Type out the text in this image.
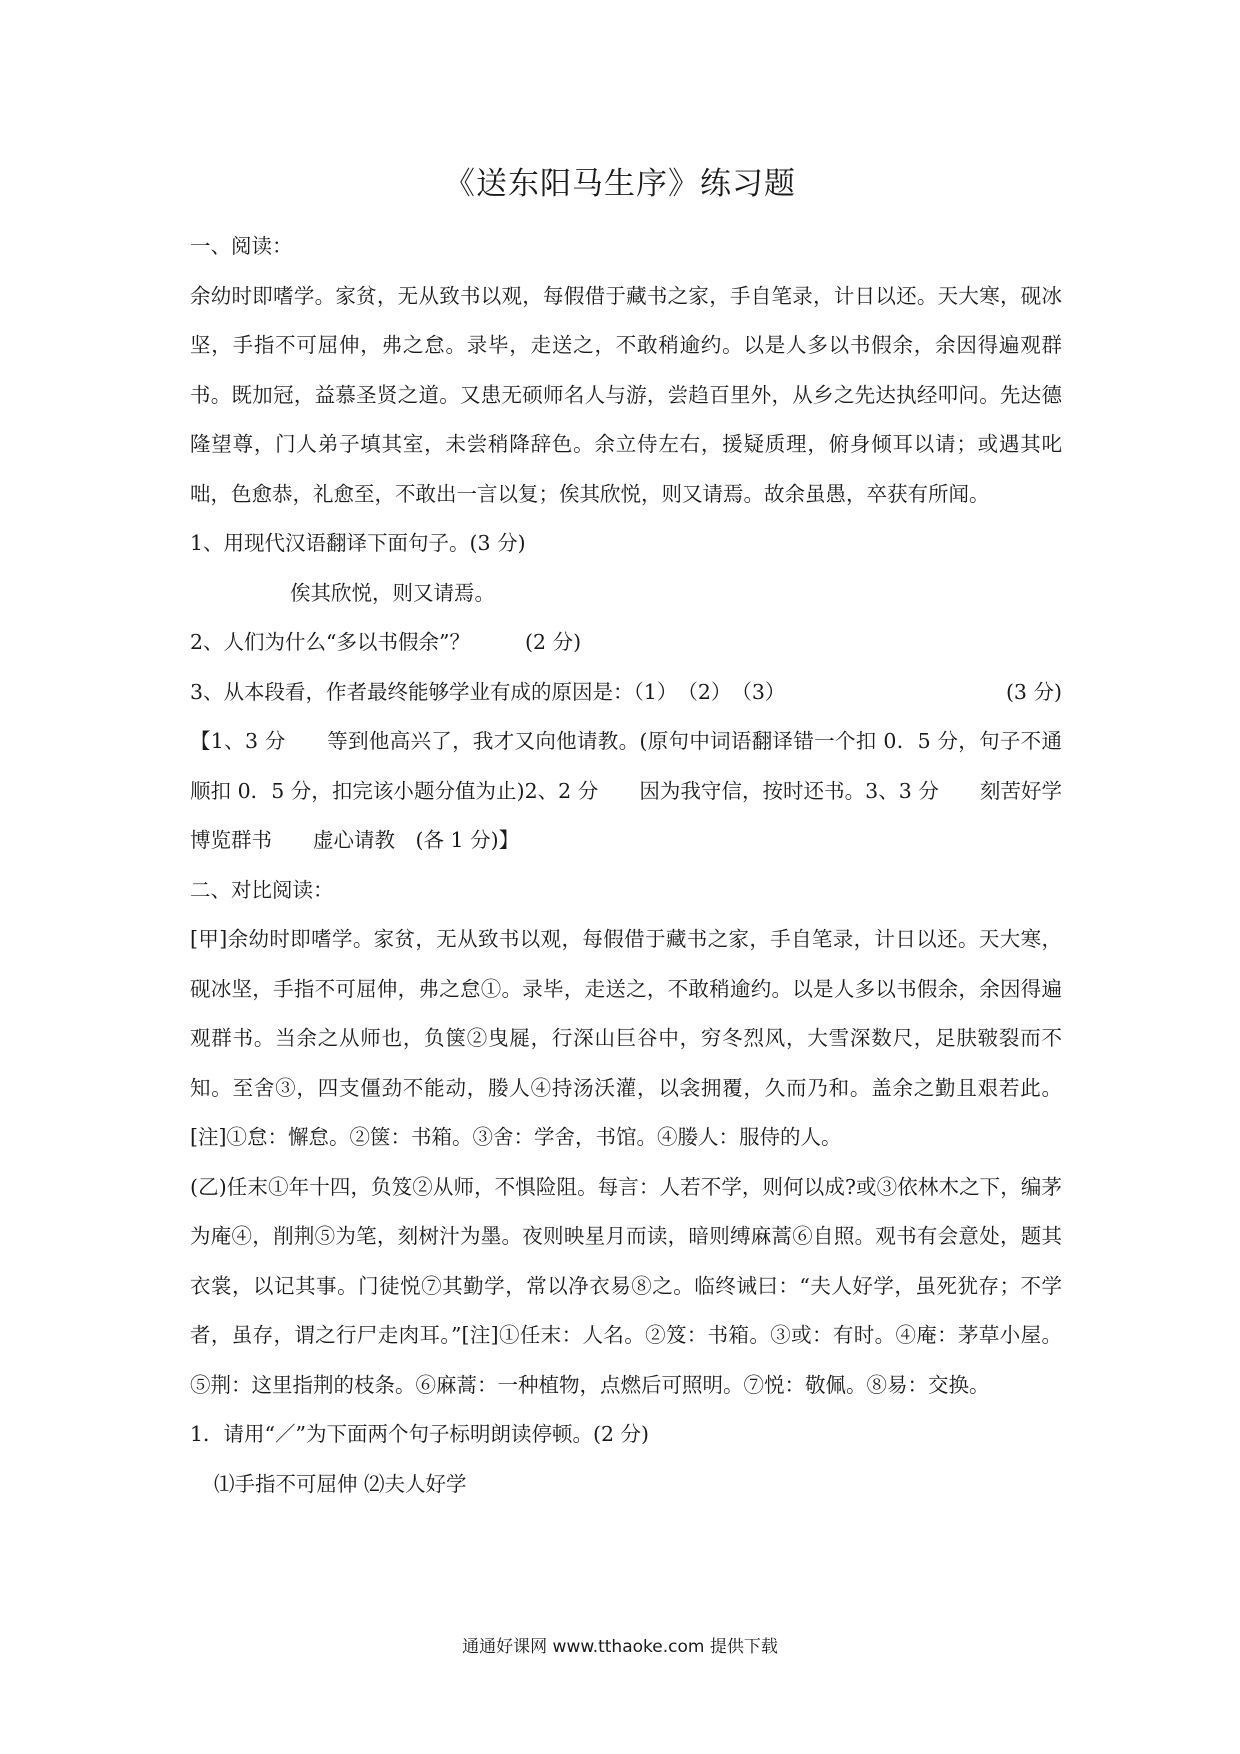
《送东阳马生序》练习题

一、阅读：

余幼时即嗜学。家贫，无从致书以观，每假借于藏书之家，手自笔录，计日以还。天大寒，砚冰坚，手指不可屈伸，弗之怠。录毕，走送之，不敢稍逾约。以是人多以书假余，余因得遍观群书。既加冠，益慕圣贤之道。又患无硕师名人与游，尝趋百里外，从乡之先达执经叩问。先达德隆望尊，门人弟子填其室，未尝稍降辞色。余立侍左右，援疑质理，俯身倾耳以请；或遇其叱咄，色愈恭，礼愈至，不敢出一言以复；俟其欣悦，则又请焉。故余虽愚，卒获有所闻。

1、用现代汉语翻译下面句子。(3 分)

俟其欣悦，则又请焉。

2、人们为什么“多以书假余”？	(2 分)

3、从本段看，作者最终能够学业有成的原因是：（1）　（2）　（3）	(3 分)

【1、3 分　　等到他高兴了，我才又向他请教。(原句中词语翻译错一个扣 0．5 分，句子不通顺扣 0．5 分，扣完该小题分值为止)2、2 分　　因为我守信，按时还书。3、3 分　　刻苦好学　　博览群书　　虚心请教　(各 1 分)】

二、对比阅读：

[甲]余幼时即嗜学。家贫，无从致书以观，每假借于藏书之家，手自笔录，计日以还。天大寒，砚冰坚，手指不可屈伸，弗之怠①。录毕，走送之，不敢稍逾约。以是人多以书假余，余因得遍观群书。当余之从师也，负箧②曳屣，行深山巨谷中，穷冬烈风，大雪深数尺，足肤皲裂而不知。至舍③，四支僵劲不能动，媵人④持汤沃灌，以衾拥覆，久而乃和。盖余之勤且艰若此。[注]①怠：懈怠。②箧：书箱。③舍：学舍，书馆。④媵人：服侍的人。

(乙)任末①年十四，负笈②从师，不惧险阻。每言：人若不学，则何以成?或③依林木之下，编茅为庵④，削荆⑤为笔，刻树汁为墨。夜则映星月而读，暗则缚麻蒿⑥自照。观书有会意处，题其衣裳，以记其事。门徒悦⑦其勤学，常以净衣易⑧之。临终诫曰：“夫人好学，虽死犹存；不学者，虽存，谓之行尸走肉耳。”[注]①任末：人名。②笈：书箱。③或：有时。④庵：茅草小屋。⑤荆：这里指荆的枝条。⑥麻蒿：一种植物，点燃后可照明。⑦悦：敬佩。⑧易：交换。

1．请用“／”为下面两个句子标明朗读停顿。(2 分)

⑴手指不可屈伸 ⑵夫人好学

通通好课网 www.tthaoke.com 提供下载
